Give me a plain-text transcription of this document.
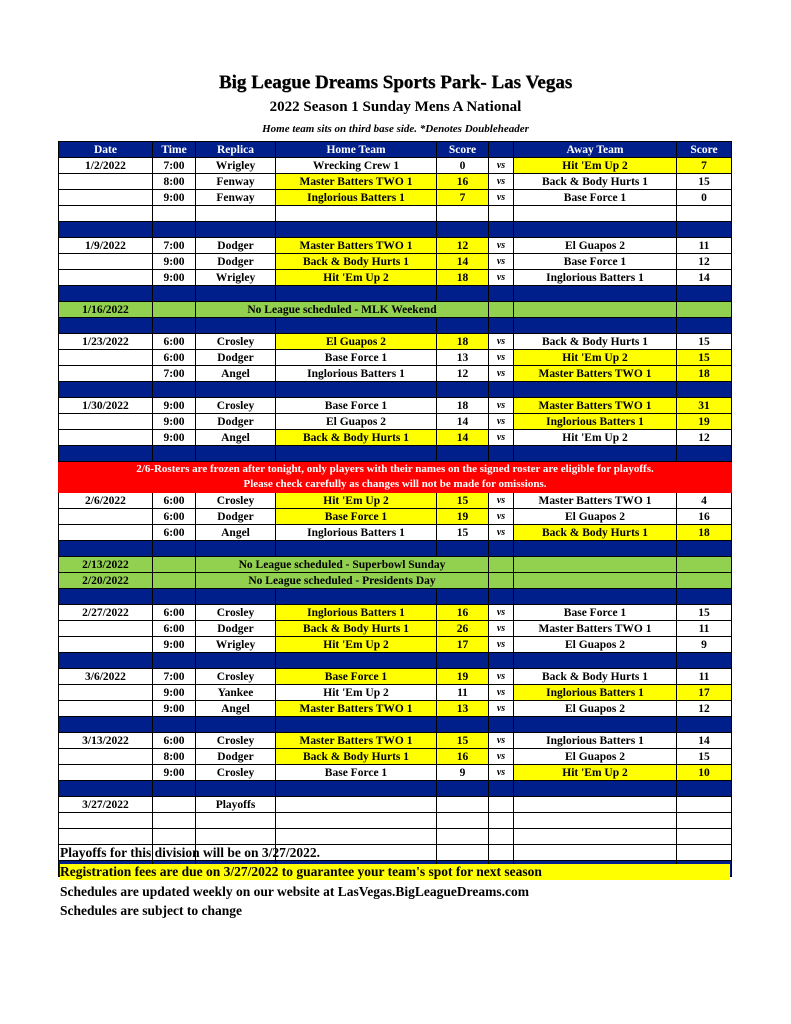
Big League Dreams Sports Park- Las Vegas
2022 Season 1 Sunday Mens A National
Home team sits on third base side. *Denotes Doubleheader
Date	Time	Replica	Home Team	Score		Away Team	Score
1/2/2022	7:00	Wrigley	Wrecking Crew 1	0	vs	Hit 'Em Up 2	7
	8:00	Fenway	Master Batters TWO 1	16	vs	Back & Body Hurts 1	15
	9:00	Fenway	Inglorious Batters 1	7	vs	Base Force 1	0

1/9/2022	7:00	Dodger	Master Batters TWO 1	12	vs	El Guapos 2	11
	9:00	Dodger	Back & Body Hurts 1	14	vs	Base Force 1	12
	9:00	Wrigley	Hit 'Em Up 2	18	vs	Inglorious Batters 1	14

1/16/2022		No League scheduled - MLK Weekend					

1/23/2022	6:00	Crosley	El Guapos 2	18	vs	Back & Body Hurts 1	15
	6:00	Dodger	Base Force 1	13	vs	Hit 'Em Up 2	15
	7:00	Angel	Inglorious Batters 1	12	vs	Master Batters TWO 1	18

1/30/2022	9:00	Crosley	Base Force 1	18	vs	Master Batters TWO 1	31
	9:00	Dodger	El Guapos 2	14	vs	Inglorious Batters 1	19
	9:00	Angel	Back & Body Hurts 1	14	vs	Hit 'Em Up 2	12

2/6-Rosters are frozen after tonight, only players with their names on the signed roster are eligible for playoffs.
Please check carefully as changes will not be made for omissions.							

2/6/2022	6:00	Crosley	Hit 'Em Up 2	15	vs	Master Batters TWO 1	4
	6:00	Dodger	Base Force 1	19	vs	El Guapos 2	16
	6:00	Angel	Inglorious Batters 1	15	vs	Back & Body Hurts 1	18

2/13/2022		No League scheduled - Superbowl Sunday					
2/20/2022		No League scheduled - Presidents Day					

2/27/2022	6:00	Crosley	Inglorious Batters 1	16	vs	Base Force 1	15
	6:00	Dodger	Back & Body Hurts 1	26	vs	Master Batters TWO 1	11
	9:00	Wrigley	Hit 'Em Up 2	17	vs	El Guapos 2	9

3/6/2022	7:00	Crosley	Base Force 1	19	vs	Back & Body Hurts 1	11
	9:00	Yankee	Hit 'Em Up 2	11	vs	Inglorious Batters 1	17
	9:00	Angel	Master Batters TWO 1	13	vs	El Guapos 2	12

3/13/2022	6:00	Crosley	Master Batters TWO 1	15	vs	Inglorious Batters 1	14
	8:00	Dodger	Back & Body Hurts 1	16	vs	El Guapos 2	15
	9:00	Crosley	Base Force 1	9	vs	Hit 'Em Up 2	10

3/27/2022		Playoffs					

Playoffs for this division will be on 3/27/2022.
Registration fees are due on 3/27/2022 to guarantee your team's spot for next season
Schedules are updated weekly on our website at LasVegas.BigLeagueDreams.com
Schedules are subject to change
